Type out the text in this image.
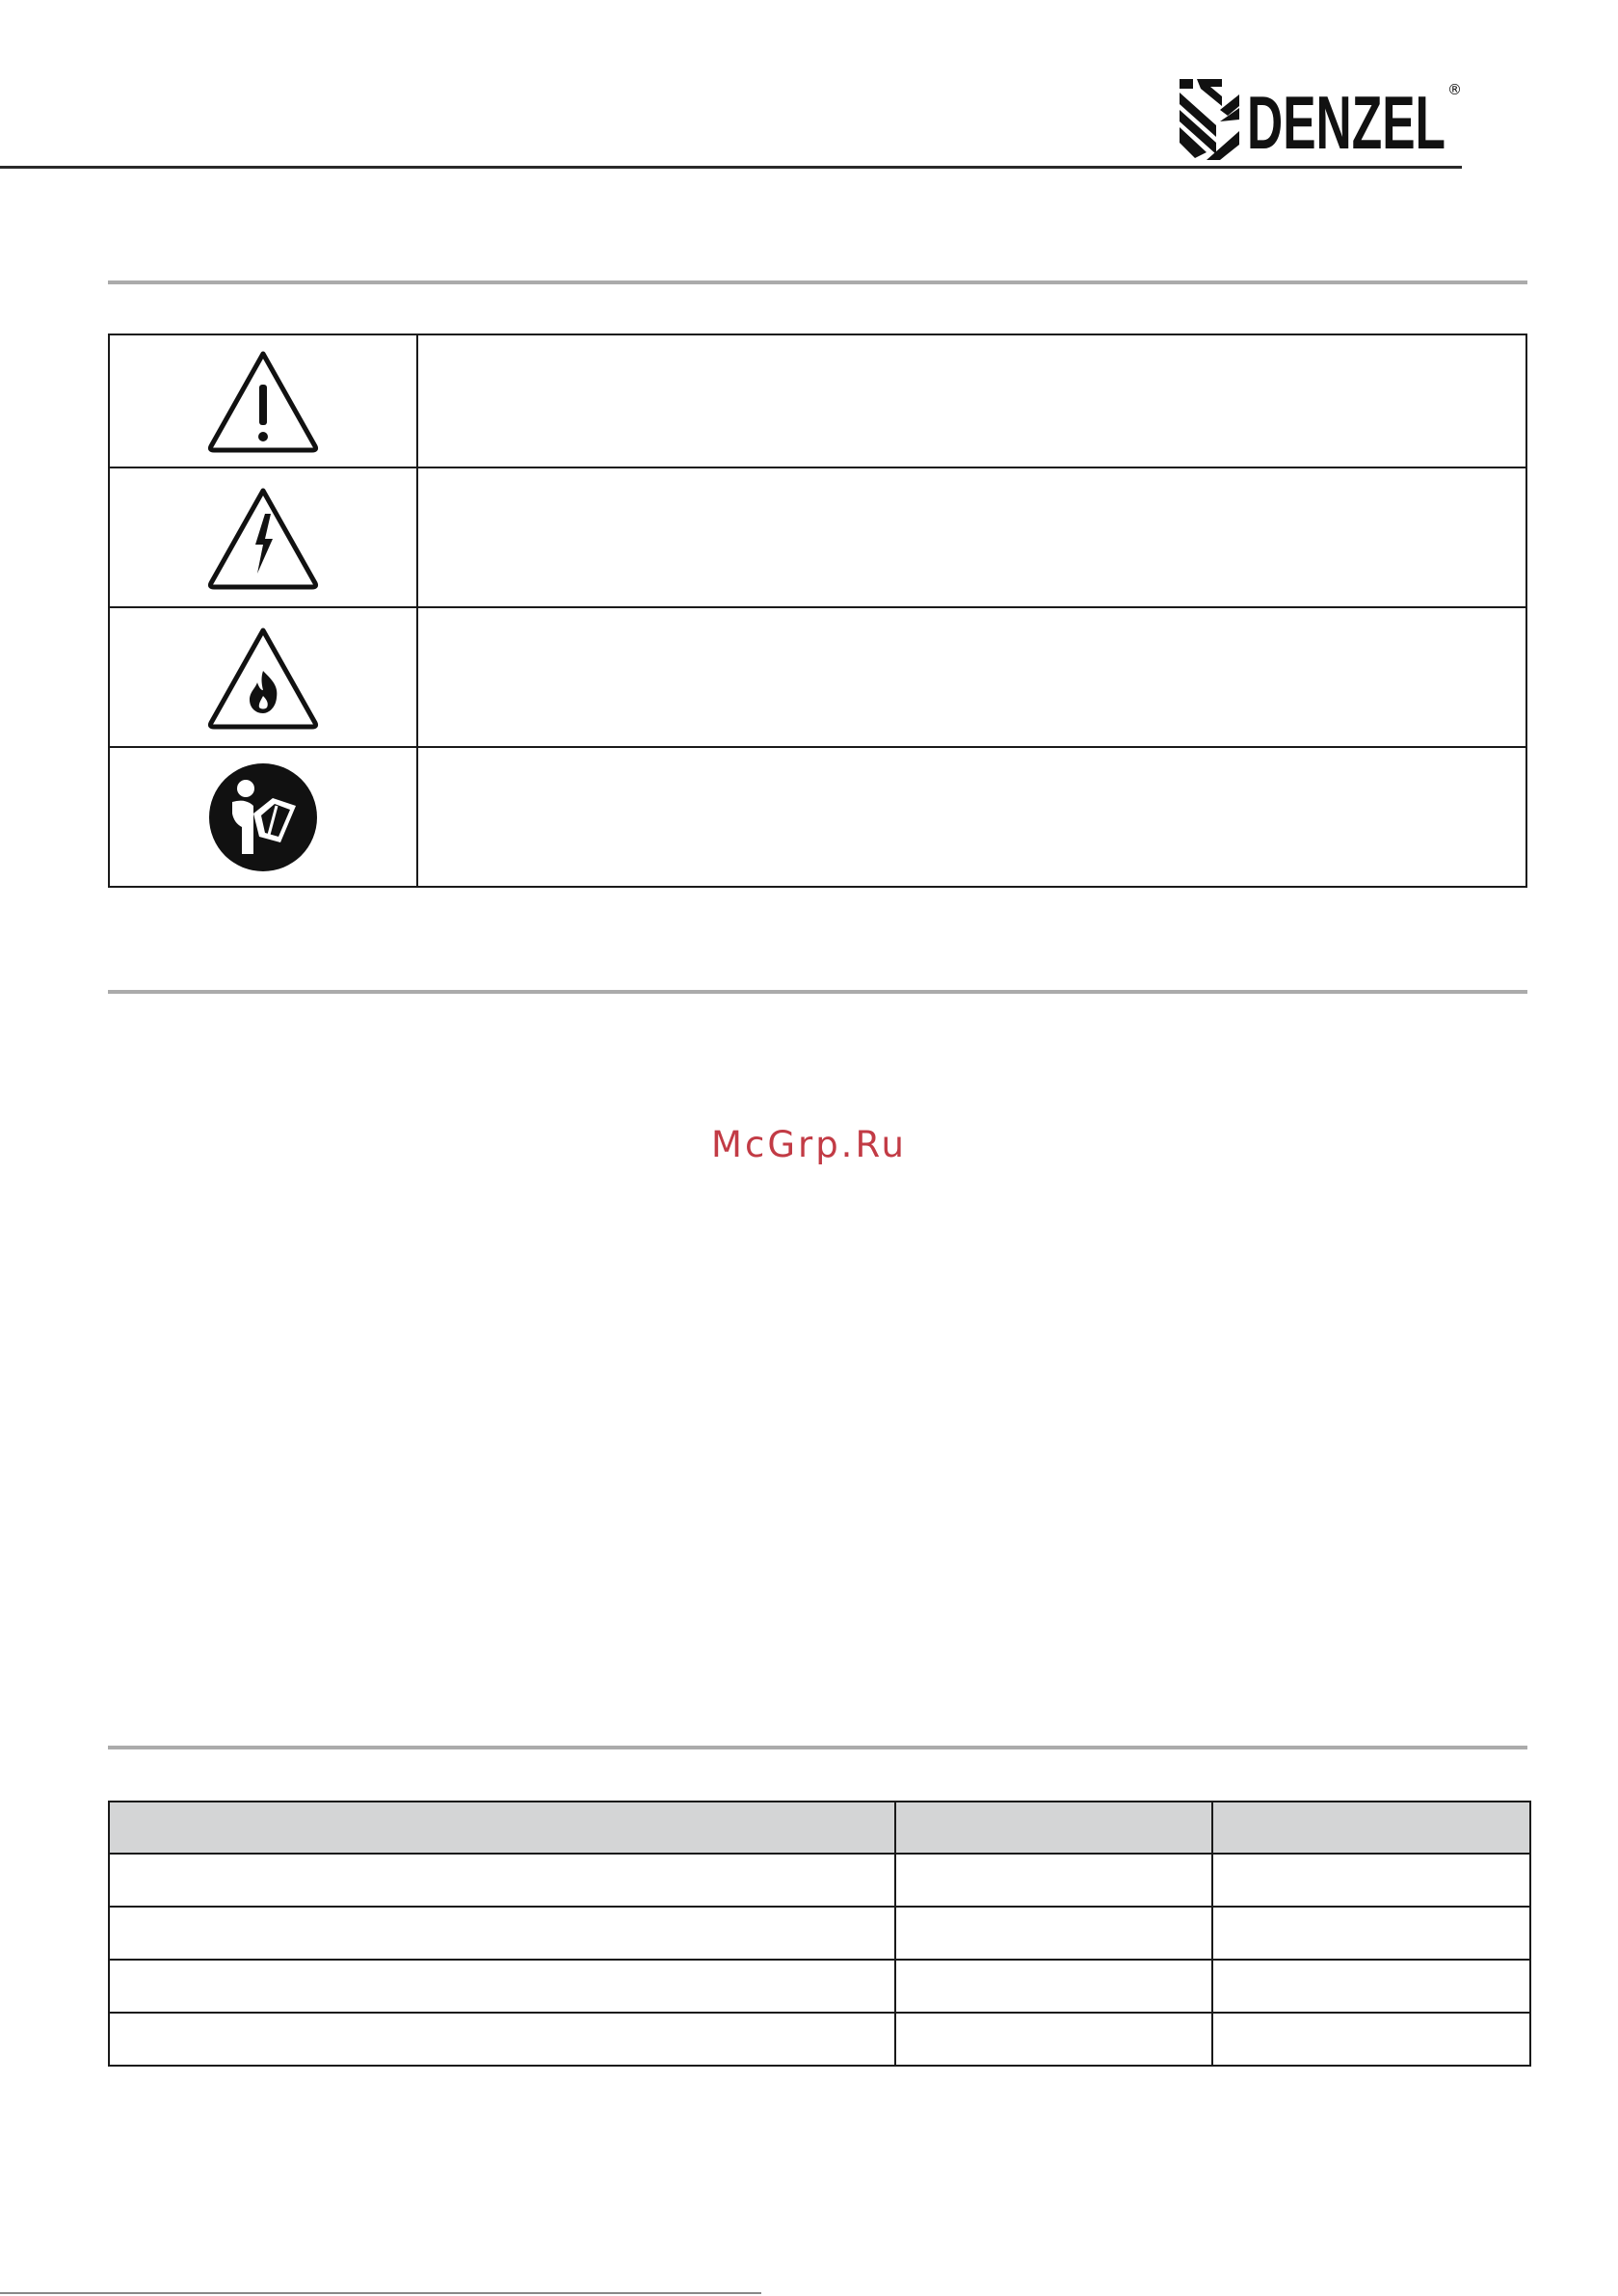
DENZEL ®

McGrp.Ru
